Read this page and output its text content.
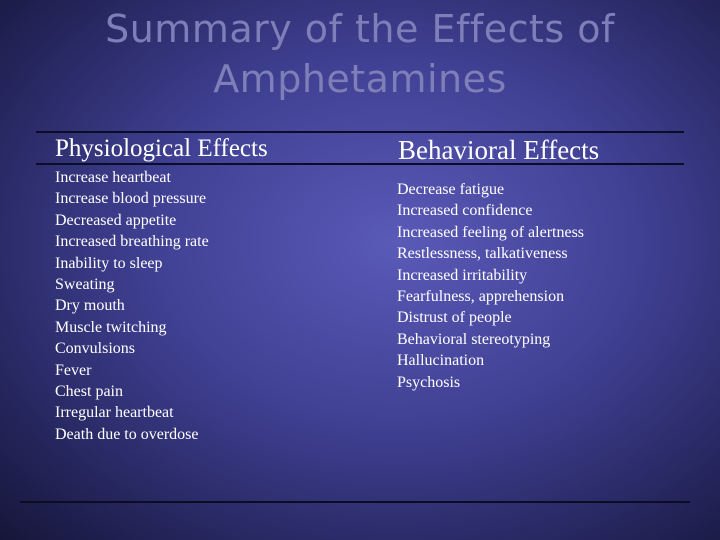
Summary of the Effects of
Amphetamines
Physiological Effects	Behavioral Effects
Increase heartbeat
Increase blood pressure
Decreased appetite
Increased breathing rate
Inability to sleep
Sweating
Dry mouth
Muscle twitching
Convulsions
Fever
Chest pain
Irregular heartbeat
Death due to overdose
Decrease fatigue
Increased confidence
Increased feeling of alertness
Restlessness, talkativeness
Increased irritability
Fearfulness, apprehension
Distrust of people
Behavioral stereotyping
Hallucination
Psychosis
